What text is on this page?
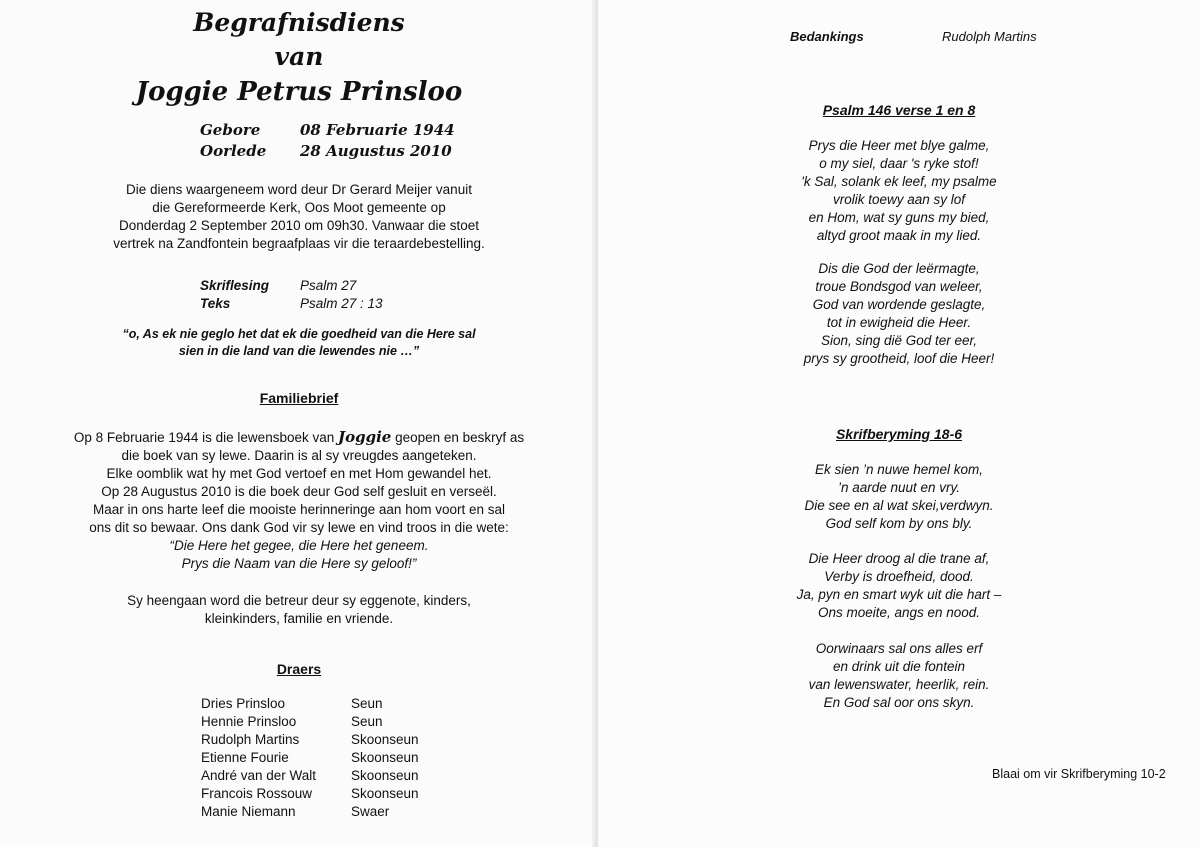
Begrafnisdiens
van
Joggie Petrus Prinsloo
Gebore	08 Februarie 1944
Oorlede 28 Augustus 2010
Die diens waargeneem word deur Dr Gerard Meijer vanuit
die Gereformeerde Kerk, Oos Moot gemeente op
Donderdag 2 September 2010 om 09h30. Vanwaar die stoet
vertrek na Zandfontein begraafplaas vir die teraardebestelling.
Skriflesing Psalm 27
Teks	Psalm 27 : 13
“o, As ek nie geglo het dat ek die goedheid van die Here sal
sien in die land van die lewendes nie …”
Familiebrief
Op 8 Februarie 1944 is die lewensboek van Joggie geopen en beskryf as
die boek van sy lewe. Daarin is al sy vreugdes aangeteken.
Elke oomblik wat hy met God vertoef en met Hom gewandel het.
Op 28 Augustus 2010 is die boek deur God self gesluit en verseël.
Maar in ons harte leef die mooiste herinneringe aan hom voort en sal
ons dit so bewaar. Ons dank God vir sy lewe en vind troos in die wete:
“Die Here het gegee, die Here het geneem.
Prys die Naam van die Here sy geloof!”
Sy heengaan word die betreur deur sy eggenote, kinders,
kleinkinders, familie en vriende.
Draers
Dries Prinsloo	Seun
Hennie Prinsloo	Seun
Rudolph Martins	Skoonseun
Etienne Fourie	Skoonseun
André van der Walt	Skoonseun
Francois Rossouw	Skoonseun
Manie Niemann	Swaer
Bedankings	Rudolph Martins
Psalm 146 verse 1 en 8
Prys die Heer met blye galme,
o my siel, daar 's ryke stof!
'k Sal, solank ek leef, my psalme
vrolik toewy aan sy lof
en Hom, wat sy guns my bied,
altyd groot maak in my lied.
Dis die God der leërmagte,
troue Bondsgod van weleer,
God van wordende geslagte,
tot in ewigheid die Heer.
Sion, sing dië God ter eer,
prys sy grootheid, loof die Heer!
Skrifberyming 18-6
Ek sien ’n nuwe hemel kom,
’n aarde nuut en vry.
Die see en al wat skei,verdwyn.
God self kom by ons bly.
Die Heer droog al die trane af,
Verby is droefheid, dood.
Ja, pyn en smart wyk uit die hart –
Ons moeite, angs en nood.
Oorwinaars sal ons alles erf
en drink uit die fontein
van lewenswater, heerlik, rein.
En God sal oor ons skyn.
Blaai om vir Skrifberyming 10-2
